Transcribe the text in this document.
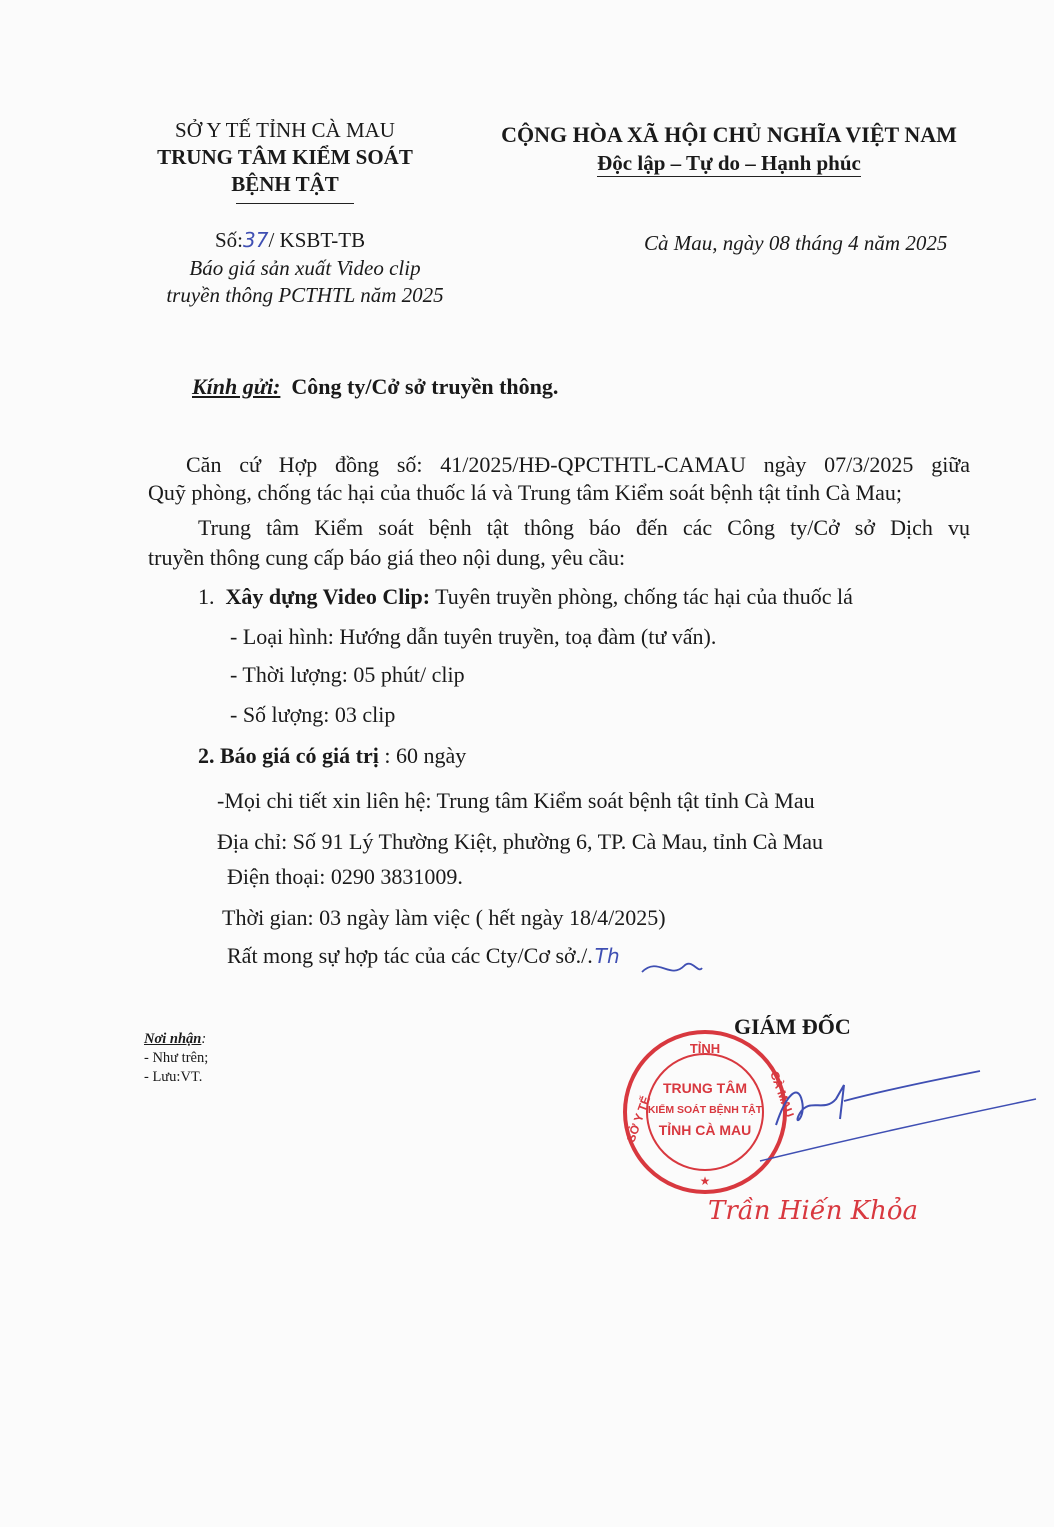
SỞ Y TẾ TỈNH CÀ MAU
TRUNG TÂM KIỂM SOÁT
BỆNH TẬT
Số:37/ KSBT-TB
Báo giá sản xuất Video clip
truyền thông PCTHTL năm 2025
CỘNG HÒA XÃ HỘI CHỦ NGHĨA VIỆT NAM
Độc lập – Tự do – Hạnh phúc
Cà Mau, ngày 08 tháng 4 năm 2025
Kính gửi: Công ty/Cở sở truyền thông.
Căn cứ Hợp đồng số: 41/2025/HĐ-QPCTHTL-CAMAU ngày 07/3/2025 giữa
Quỹ phòng, chống tác hại của thuốc lá và Trung tâm Kiểm soát bệnh tật tỉnh Cà Mau;
Trung tâm Kiểm soát bệnh tật thông báo đến các Công ty/Cở sở Dịch vụ
truyền thông cung cấp báo giá theo nội dung, yêu cầu:
1. Xây dựng Video Clip: Tuyên truyền phòng, chống tác hại của thuốc lá
- Loại hình: Hướng dẫn tuyên truyền, toạ đàm (tư vấn).
- Thời lượng: 05 phút/ clip
- Số lượng: 03 clip
2. Báo giá có giá trị : 60 ngày
-Mọi chi tiết xin liên hệ: Trung tâm Kiểm soát bệnh tật tỉnh Cà Mau
Địa chỉ: Số 91 Lý Thường Kiệt, phường 6, TP. Cà Mau, tỉnh Cà Mau
Điện thoại: 0290 3831009.
Thời gian: 03 ngày làm việc ( hết ngày 18/4/2025)
Rất mong sự hợp tác của các Cty/Cơ sở./. Th
Nơi nhận:
- Như trên;
- Lưu:VT.
GIÁM ĐỐC
TỈNH
SỞ Y TẾ
CÀ MAU
TRUNG TÂM
KIỂM SOÁT BỆNH TẬT
TỈNH CÀ MAU
★
Trần Hiến Khỏa
